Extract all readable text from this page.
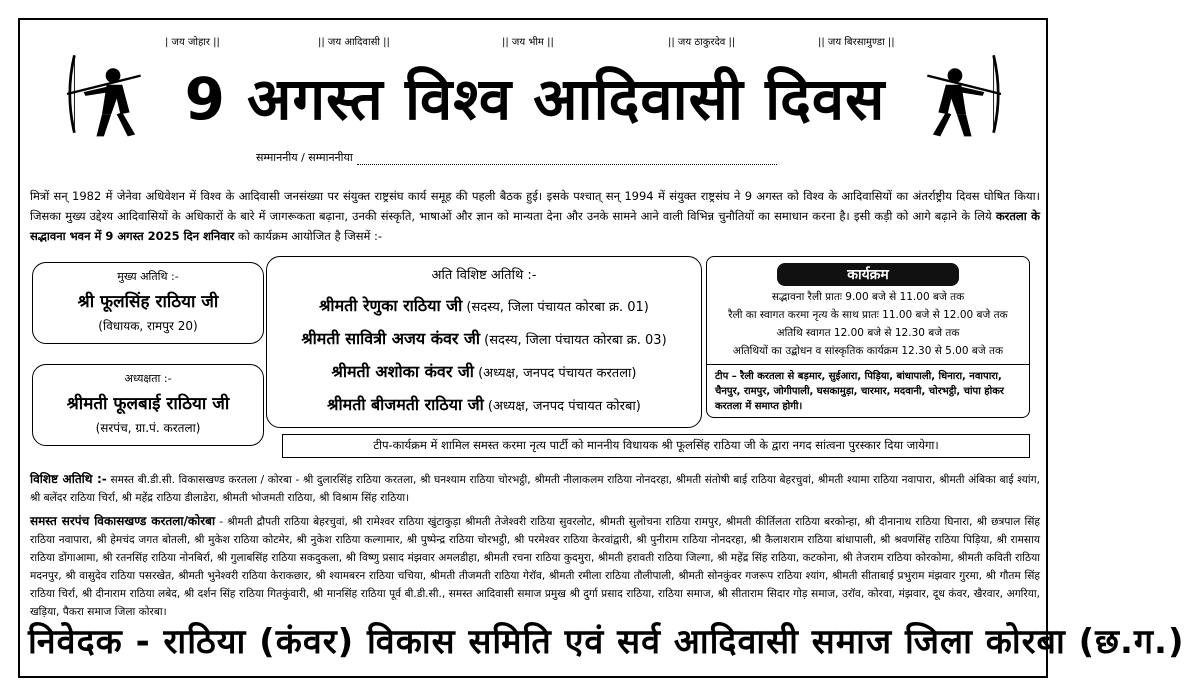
| जय जोहार ||	|| जय आदिवासी ||	|| जय भीम ||	|| जय ठाकुरदेव ||	|| जय बिरसामुण्डा ||
9 अगस्त विश्व आदिवासी दिवस
सम्माननीय / सम्माननीया
मित्रों सन् 1982 में जेनेवा अधिवेशन में विश्व के आदिवासी जनसंख्या पर संयुक्त राष्ट्रसंघ कार्य समूह की पहली बैठक हुई। इसके पश्चात् सन् 1994 में संयुक्त राष्ट्रसंघ ने 9 अगस्त को विश्व के आदिवासियों का अंतर्राष्ट्रीय दिवस घोषित किया। जिसका मुख्य उद्देश्य आदिवासियों के अधिकारों के बारे में जागरूकता बढ़ाना, उनकी संस्कृति, भाषाओं और ज्ञान को मान्यता देना और उनके सामने आने वाली विभिन्न चुनौतियों का समाधान करना है। इसी कड़ी को आगे बढ़ाने के लिये करतला के सद्भावना भवन में 9 अगस्त 2025 दिन शनिवार को कार्यक्रम आयोजित है जिसमें :-
मुख्य अतिथि :-
श्री फूलसिंह राठिया जी
(विधायक, रामपुर 20)
अध्यक्षता :-
श्रीमती फूलबाई राठिया जी
(सरपंच, ग्रा.पं. करतला)
अति विशिष्ट अतिथि :-
श्रीमती रेणुका राठिया जी (सदस्य, जिला पंचायत कोरबा क्र. 01)
श्रीमती सावित्री अजय कंवर जी (सदस्य, जिला पंचायत कोरबा क्र. 03)
श्रीमती अशोका कंवर जी (अध्यक्ष, जनपद पंचायत करतला)
श्रीमती बीजमती राठिया जी (अध्यक्ष, जनपद पंचायत कोरबा)
कार्यक्रम
सद्भावना रैली प्रातः 9.00 बजे से 11.00 बजे तक
रैली का स्वागत करमा नृत्य के साथ प्रातः 11.00 बजे से 12.00 बजे तक
अतिथि स्वागत 12.00 बजे से 12.30 बजे तक
अतिथियों का उद्बोधन व सांस्कृतिक कार्यक्रम 12.30 से 5.00 बजे तक
टीप – रैली करतला से बड़मार, सुईआरा, पिड़िया, बांधापाली, धिनारा, नवापारा, चैनपुर, रामपुर, जोगीपाली, घसकामुड़ा, चारमार, मदवानी, चोरभट्ठी, चांपा होकर करतला में समाप्त होगी।
टीप-कार्यक्रम में शामिल समस्त करमा नृत्य पार्टी को माननीय विधायक श्री फूलसिंह राठिया जी के द्वारा नगद सांत्वना पुरस्कार दिया जायेगा।
विशिष्ट अतिथि :- समस्त बी.डी.सी. विकासखण्ड करतला / कोरबा - श्री दुलारसिंह राठिया करतला, श्री घनश्याम राठिया चोरभट्ठी, श्रीमती नीलाकलम राठिया नोनदरहा, श्रीमती संतोषी बाई राठिया बेहरचुवां, श्रीमती श्यामा राठिया नवापारा, श्रीमती अंबिका बाई श्यांग, श्री बलेंदर राठिया चिर्रा, श्री महेंद्र राठिया डीलाडेरा, श्रीमती भोजमती राठिया, श्री विश्राम सिंह राठिया।
समस्त सरपंच विकासखण्ड करतला/कोरबा - श्रीमती द्रौपती राठिया बेहरचुवां, श्री रामेश्वर राठिया खुंटाकुड़ा श्रीमती तेजेश्वरी राठिया सुवरलोट, श्रीमती सुलोचना राठिया रामपुर, श्रीमती कीर्तिलता राठिया बरकोन्हा, श्री दीनानाथ राठिया घिनारा, श्री छत्रपाल सिंह राठिया नवापारा, श्री हेमचंद जगत बोतली, श्री मुकेश राठिया कोटमेर, श्री नुकेश राठिया कल्गामार, श्री पुष्पेन्द्र राठिया चोरभट्ठी, श्री परमेश्वर राठिया केरवांद्वारी, श्री पुनीराम राठिया नोनदरहा, श्री कैलाशराम राठिया बांधापाली, श्री श्रवणसिंह राठिया पिड़िया, श्री रामसाय राठिया डोंगाआमा, श्री रतनसिंह राठिया नोनबिर्रा, श्री गुलाबसिंह राठिया सकदुकला, श्री विष्णु प्रसाद मंझवार अमलडीहा, श्रीमती रचना राठिया कुदमुरा, श्रीमती हरावती राठिया जिल्गा, श्री महेंद्र सिंह राठिया, कटकोना, श्री तेजराम राठिया कोरकोमा, श्रीमती कविती राठिया मदनपुर, श्री वासुदेव राठिया पसरखेत, श्रीमती भुनेश्वरी राठिया केराकछार, श्री श्यामबरन राठिया चचिया, श्रीमती तीजमती राठिया गेरॉव, श्रीमती रमीला राठिया तौलीपाली, श्रीमती सोनकुंवर गजरूप राठिया श्यांग, श्रीमती सीताबाई प्रभुराम मंझवार गुरमा, श्री गौतम सिंह राठिया चिर्रा, श्री दीनाराम राठिया लबेद, श्री दर्शन सिंह राठिया गितकुंवारी, श्री मानसिंह राठिया पूर्व बी.डी.सी., समस्त आदिवासी समाज प्रमुख श्री दुर्गा प्रसाद राठिया, राठिया समाज, श्री सीताराम सिदार गोड़ समाज, उरॉव, कोरवा, मंझवार, दूध कंवर, खैरवार, अगरिया, खड़िया, पैकरा समाज जिला कोरबा।
निवेदक - राठिया (कंवर) विकास समिति एवं सर्व आदिवासी समाज जिला कोरबा (छ.ग.)
